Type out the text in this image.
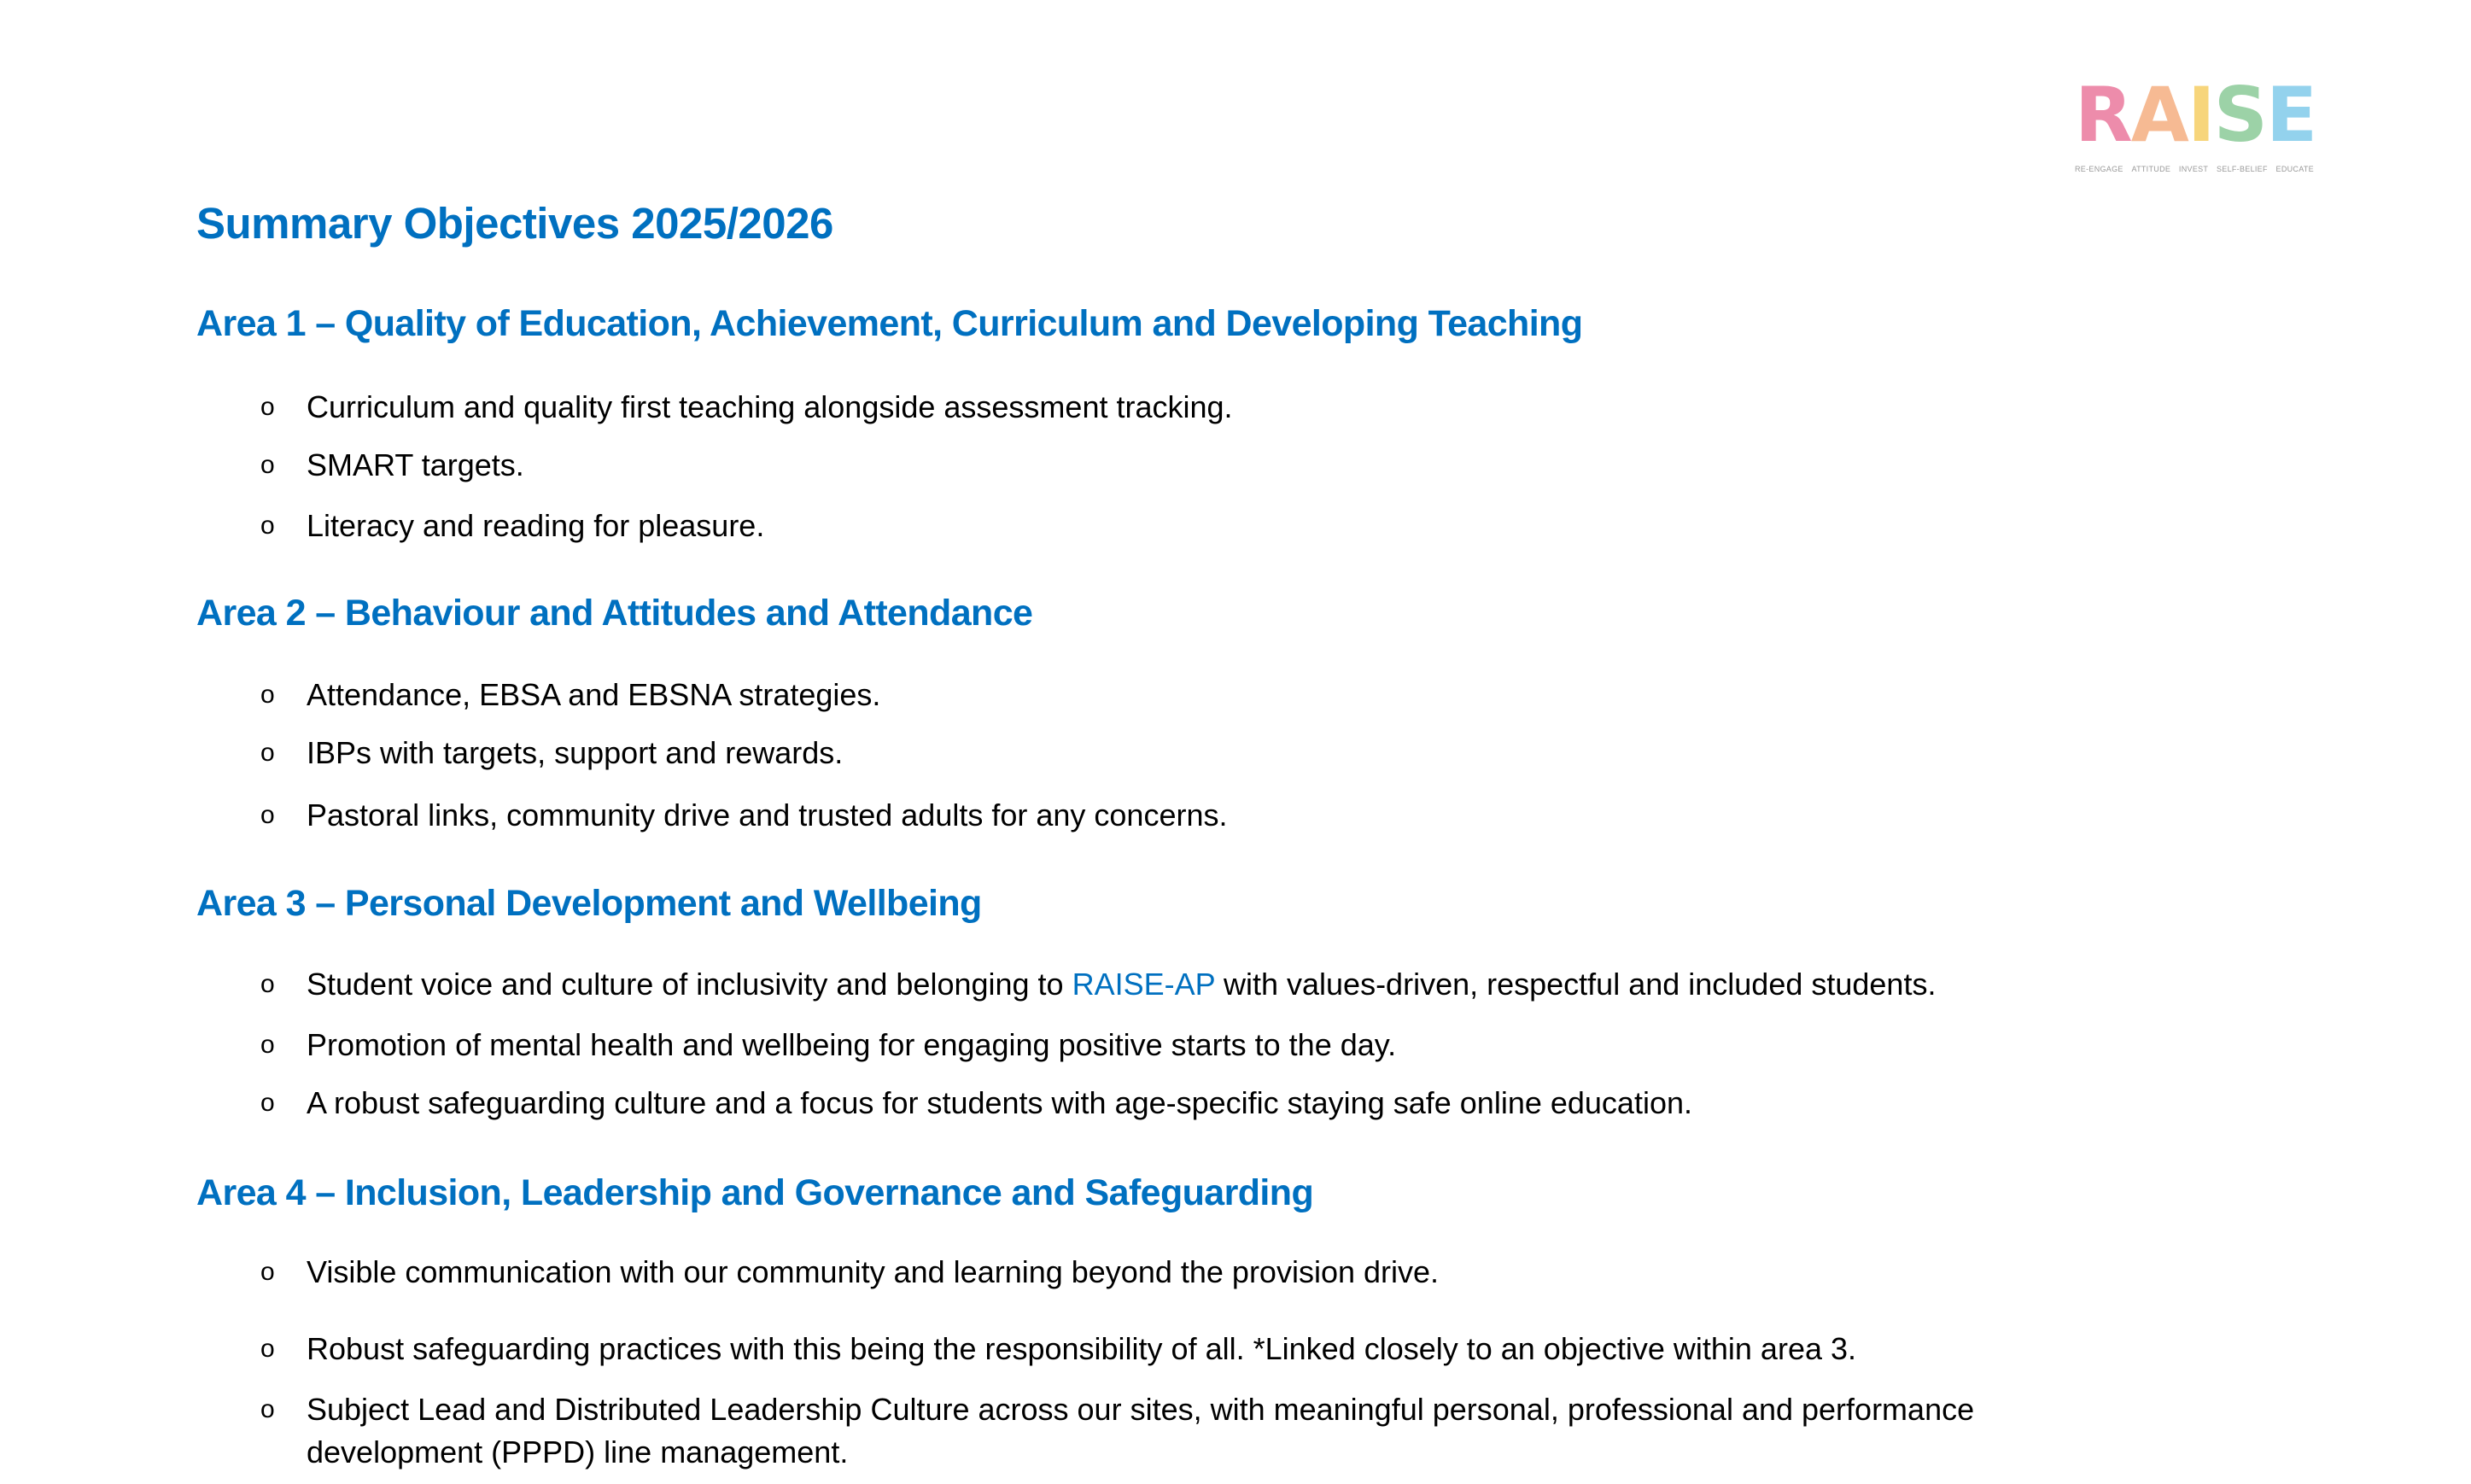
RAISE
RE-ENGAGE ATTITUDE INVEST SELF-BELIEF EDUCATE
Summary Objectives 2025/2026
Area 1 – Quality of Education, Achievement, Curriculum and Developing Teaching
o	Curriculum and quality first teaching alongside assessment tracking.
o	SMART targets.
o	Literacy and reading for pleasure.
Area 2 – Behaviour and Attitudes and Attendance
o	Attendance, EBSA and EBSNA strategies.
o	IBPs with targets, support and rewards.
o	Pastoral links, community drive and trusted adults for any concerns.
Area 3 – Personal Development and Wellbeing
o	Student voice and culture of inclusivity and belonging to RAISE-AP with values-driven, respectful and included students.
o	Promotion of mental health and wellbeing for engaging positive starts to the day.
o	A robust safeguarding culture and a focus for students with age-specific staying safe online education.
Area 4 – Inclusion, Leadership and Governance and Safeguarding
o	Visible communication with our community and learning beyond the provision drive.
o	Robust safeguarding practices with this being the responsibility of all. *Linked closely to an objective within area 3.
o	Subject Lead and Distributed Leadership Culture across our sites, with meaningful personal, professional and performance
development (PPPD) line management.
